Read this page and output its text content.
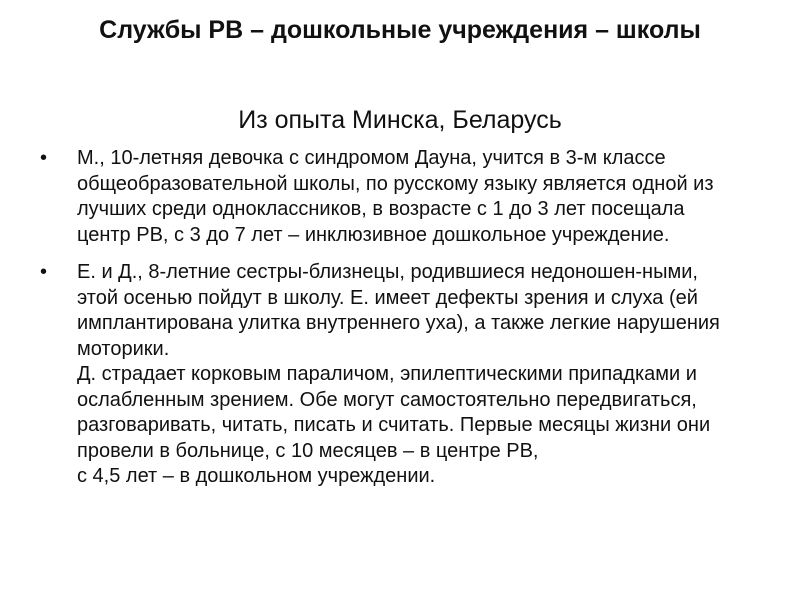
Службы РВ – дошкольные учреждения – школы
Из опыта Минска, Беларусь
• М., 10-летняя девочка с синдромом Дауна, учится в 3-м классе общеобразовательной школы, по русскому языку является одной из лучших среди одноклассников, в возрасте с 1 до 3 лет посещала центр РВ, с 3 до 7 лет – инклюзивное дошкольное учреждение.
• Е. и Д., 8-летние сестры-близнецы, родившиеся недоношен-ными, этой осенью пойдут в школу. Е. имеет дефекты зрения и слуха (ей имплантирована улитка внутреннего уха), а также легкие нарушения моторики.
Д. страдает корковым параличом, эпилептическими припадками и ослабленным зрением. Обе могут самостоятельно передвигаться, разговаривать, читать, писать и считать. Первые месяцы жизни они провели в больнице, с 10 месяцев – в центре РВ,
с 4,5 лет – в дошкольном учреждении.
